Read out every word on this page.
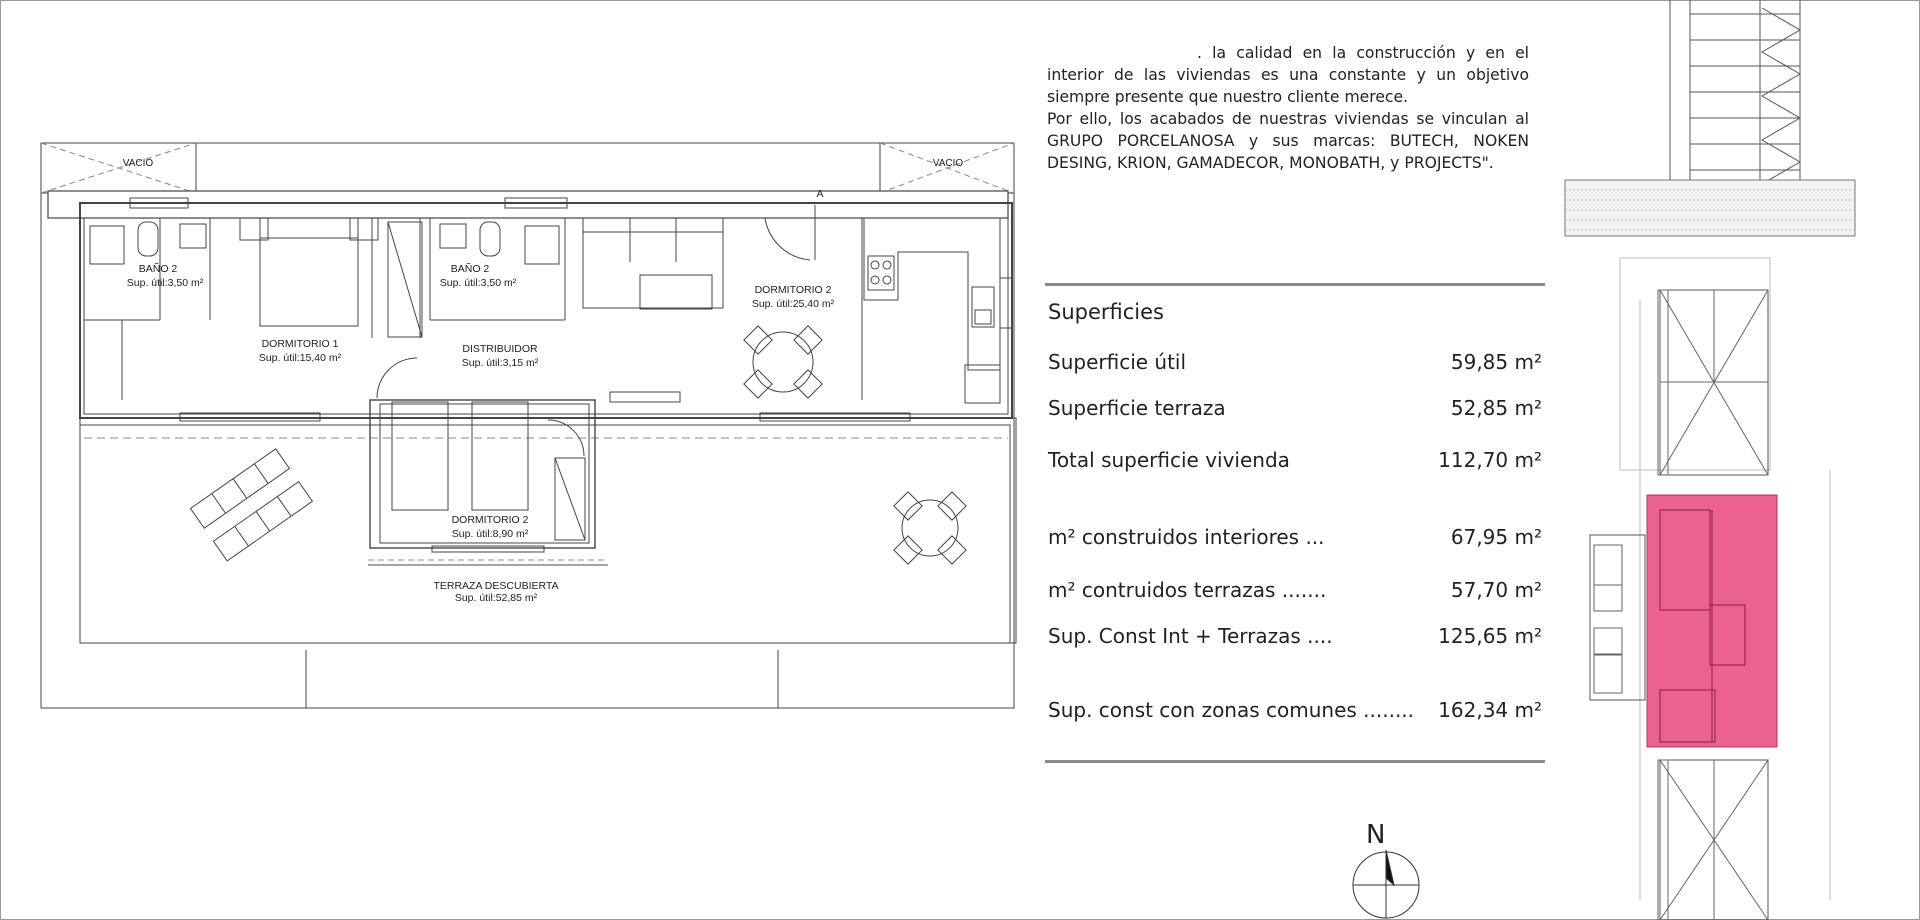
VACIO	VACIO
A
BAÑO 2
Sup. útil:3,50 m²
DORMITORIO 1
Sup. útil:15,40 m²
BAÑO 2
Sup. útil:3,50 m²
DISTRIBUIDOR
Sup. útil:3,15 m²
DORMITORIO 2
Sup. útil:25,40 m²
DORMITORIO 2
Sup. útil:8,90 m²
TERRAZA DESCUBIERTA
Sup. útil:52,85 m²

. la calidad en la construcción y en el interior de las viviendas es una constante y un objetivo siempre presente que nuestro cliente merece.

Por ello, los acabados de nuestras viviendas se vinculan al GRUPO PORCELANOSA y sus marcas: BUTECH, NOKEN DESING, KRION, GAMADECOR, MONOBATH, y PROJECTS".

Superficies
Superficie útil	59,85 m²
Superficie terraza	52,85 m²
Total superficie vivienda	112,70 m²
m² construidos interiores ...	67,95 m²
m² contruidos terrazas .......	57,70 m²
Sup. Const Int + Terrazas ....	125,65 m²
Sup. const con zonas comunes ........ 162,34 m²
N
